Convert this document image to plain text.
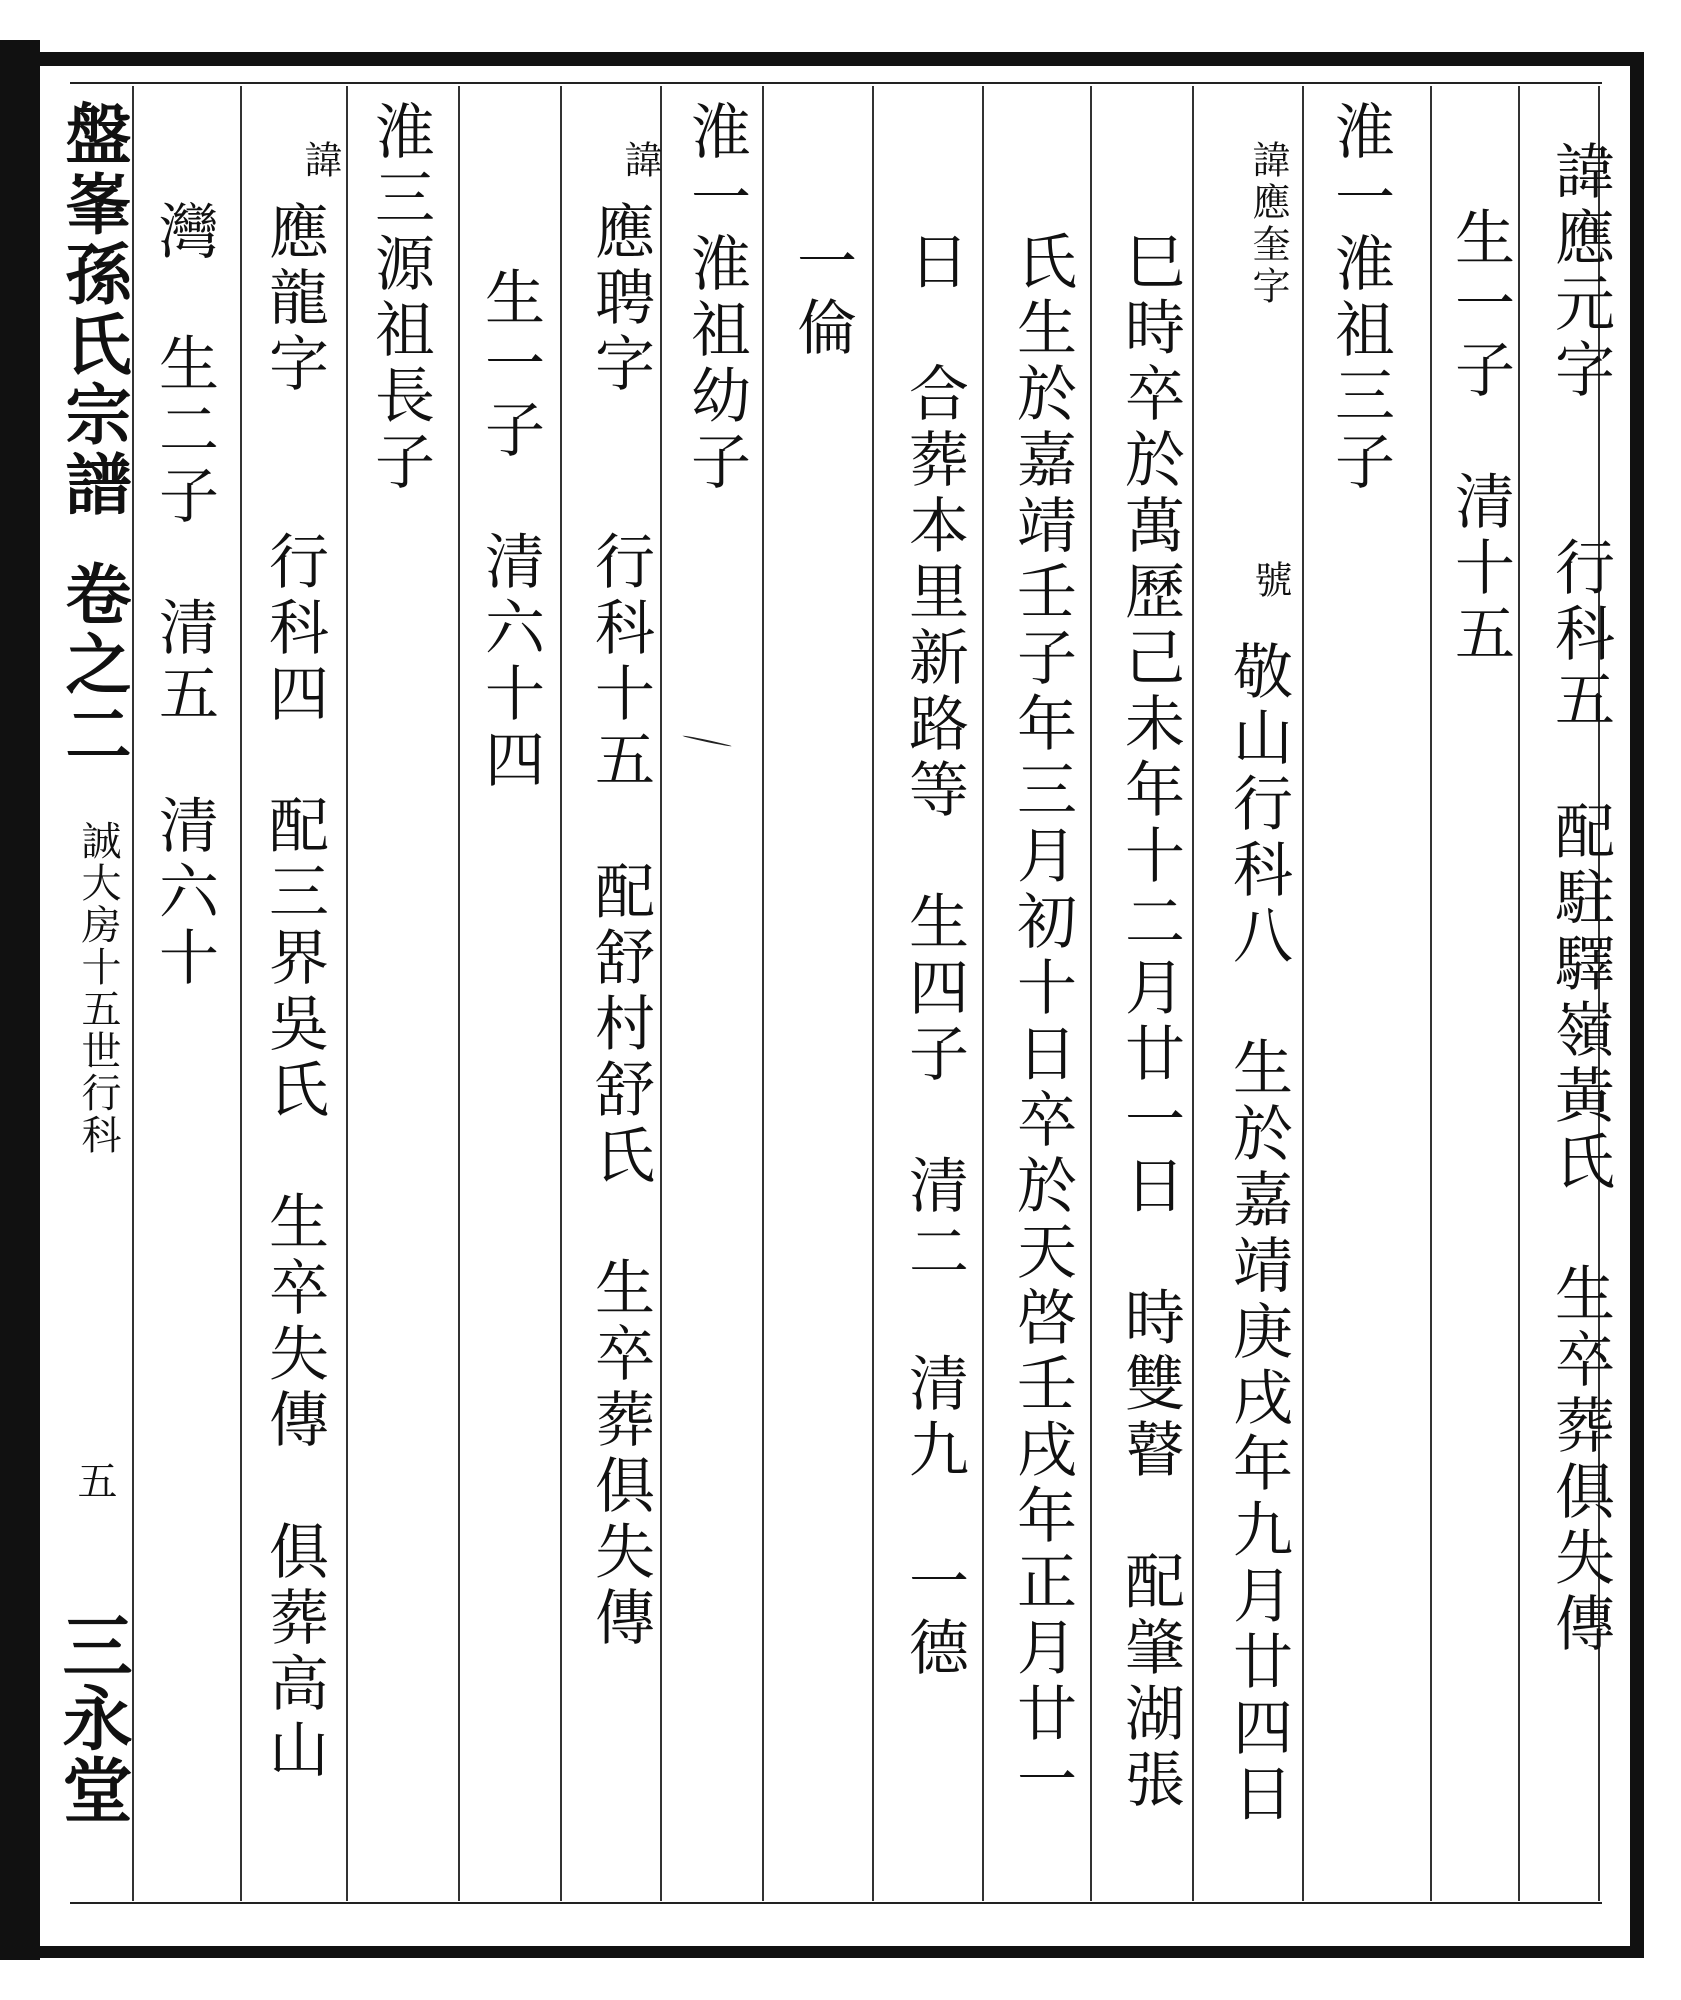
盤峯孫氏宗譜
卷之二
誠大房十五世行科
五
三永堂
諱應元字　　行科五　配駐驛嶺黃氏　生卒葬俱失傳
　生一子　清十五
淮一淮祖三子
諱應奎字
號
敬山行科八　生於嘉靖庚戌年九月廿四日
巳時卒於萬歷己未年十二月廿一日　時雙瞽　配肇湖張
氏生於嘉靖壬子年三月初十日卒於天啓壬戌年正月廿一
日　合葬本里新路等　生四子　清二　清九　一德
一倫
淮一淮祖幼子
諱
應聘字　　行科十五　配舒村舒氏　生卒葬俱失傳
　生一子　清六十四
淮三源祖長子
諱
應龍字　　行科四　配三界吳氏　生卒失傳　俱葬高山
灣　生二子　清五　清六十
